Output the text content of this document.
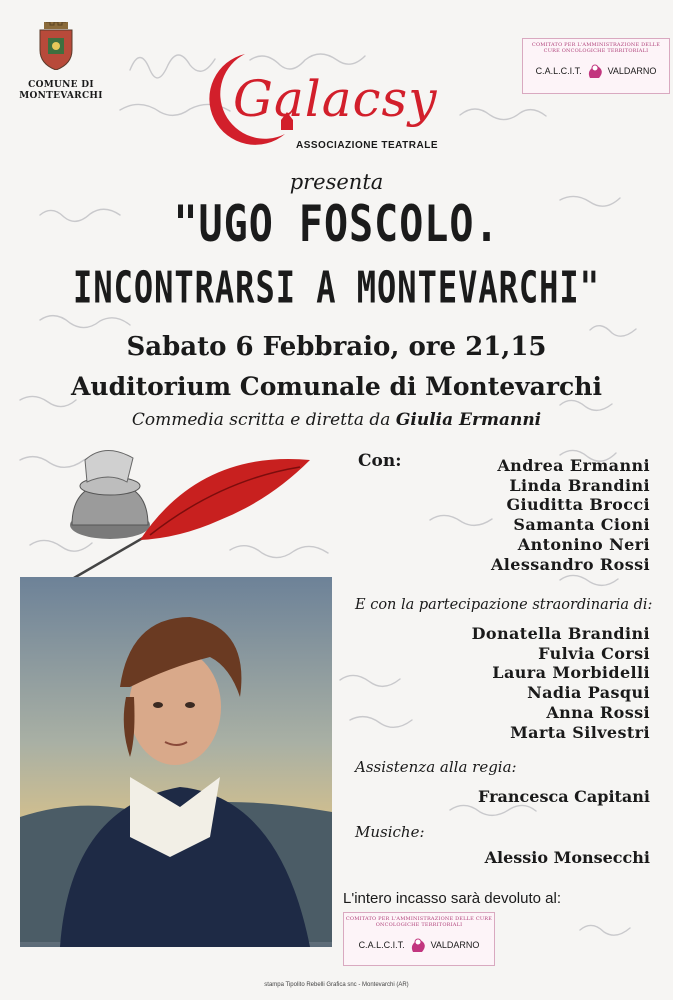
COMUNE DI
MONTEVARCHI	Galacsy
ASSOCIAZIONE TEATRALE
COMITATO PER L'AMMINISTRAZIONE DELLE CURE ONCOLOGICHE TERRITORIALI
C.A.L.C.I.T.	VALDARNO
presenta
"UGO FOSCOLO.
INCONTRARSI A MONTEVARCHI"
Sabato 6 Febbraio, ore 21,15
Auditorium Comunale di Montevarchi
Commedia scritta e diretta da Giulia Ermanni
Con:	Andrea Ermanni
Linda Brandini
Giuditta Brocci
Samanta Cioni
Antonino Neri
Alessandro Rossi
E con la partecipazione straordinaria di:
Donatella Brandini
Fulvia Corsi
Laura Morbidelli
Nadia Pasqui
Anna Rossi
Marta Silvestri
Assistenza alla regia:
Francesca Capitani
Musiche:
Alessio Monsecchi
L'intero incasso sarà devoluto al:
COMITATO PER L'AMMINISTRAZIONE DELLE CURE ONCOLOGICHE TERRITORIALI
C.A.L.C.I.T.	VALDARNO
stampa Tipolito Rebelli Grafica snc - Montevarchi (AR)
